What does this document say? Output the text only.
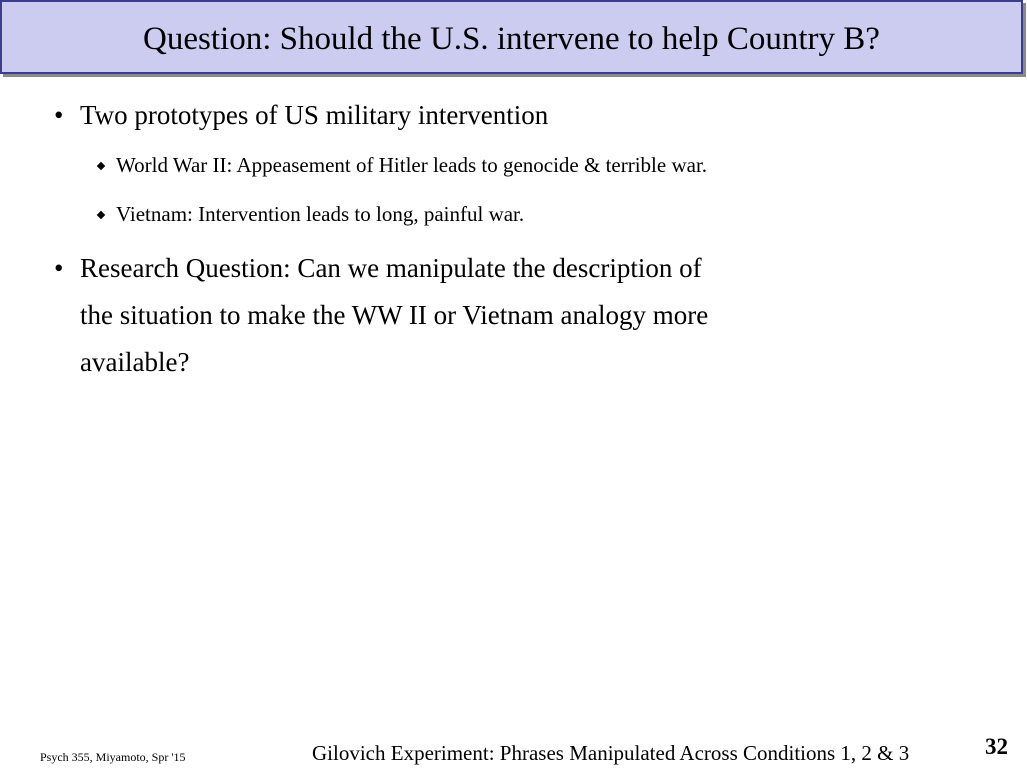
Question: Should the U.S. intervene to help Country B?
• Two prototypes of US military intervention
World War II: Appeasement of Hitler leads to genocide & terrible war.
Vietnam: Intervention leads to long, painful war.
• Research Question: Can we manipulate the description of
the situation to make the WW II or Vietnam analogy more
available?
Psych 355, Miyamoto, Spr '15	Gilovich Experiment: Phrases Manipulated Across Conditions 1, 2 & 3	32
